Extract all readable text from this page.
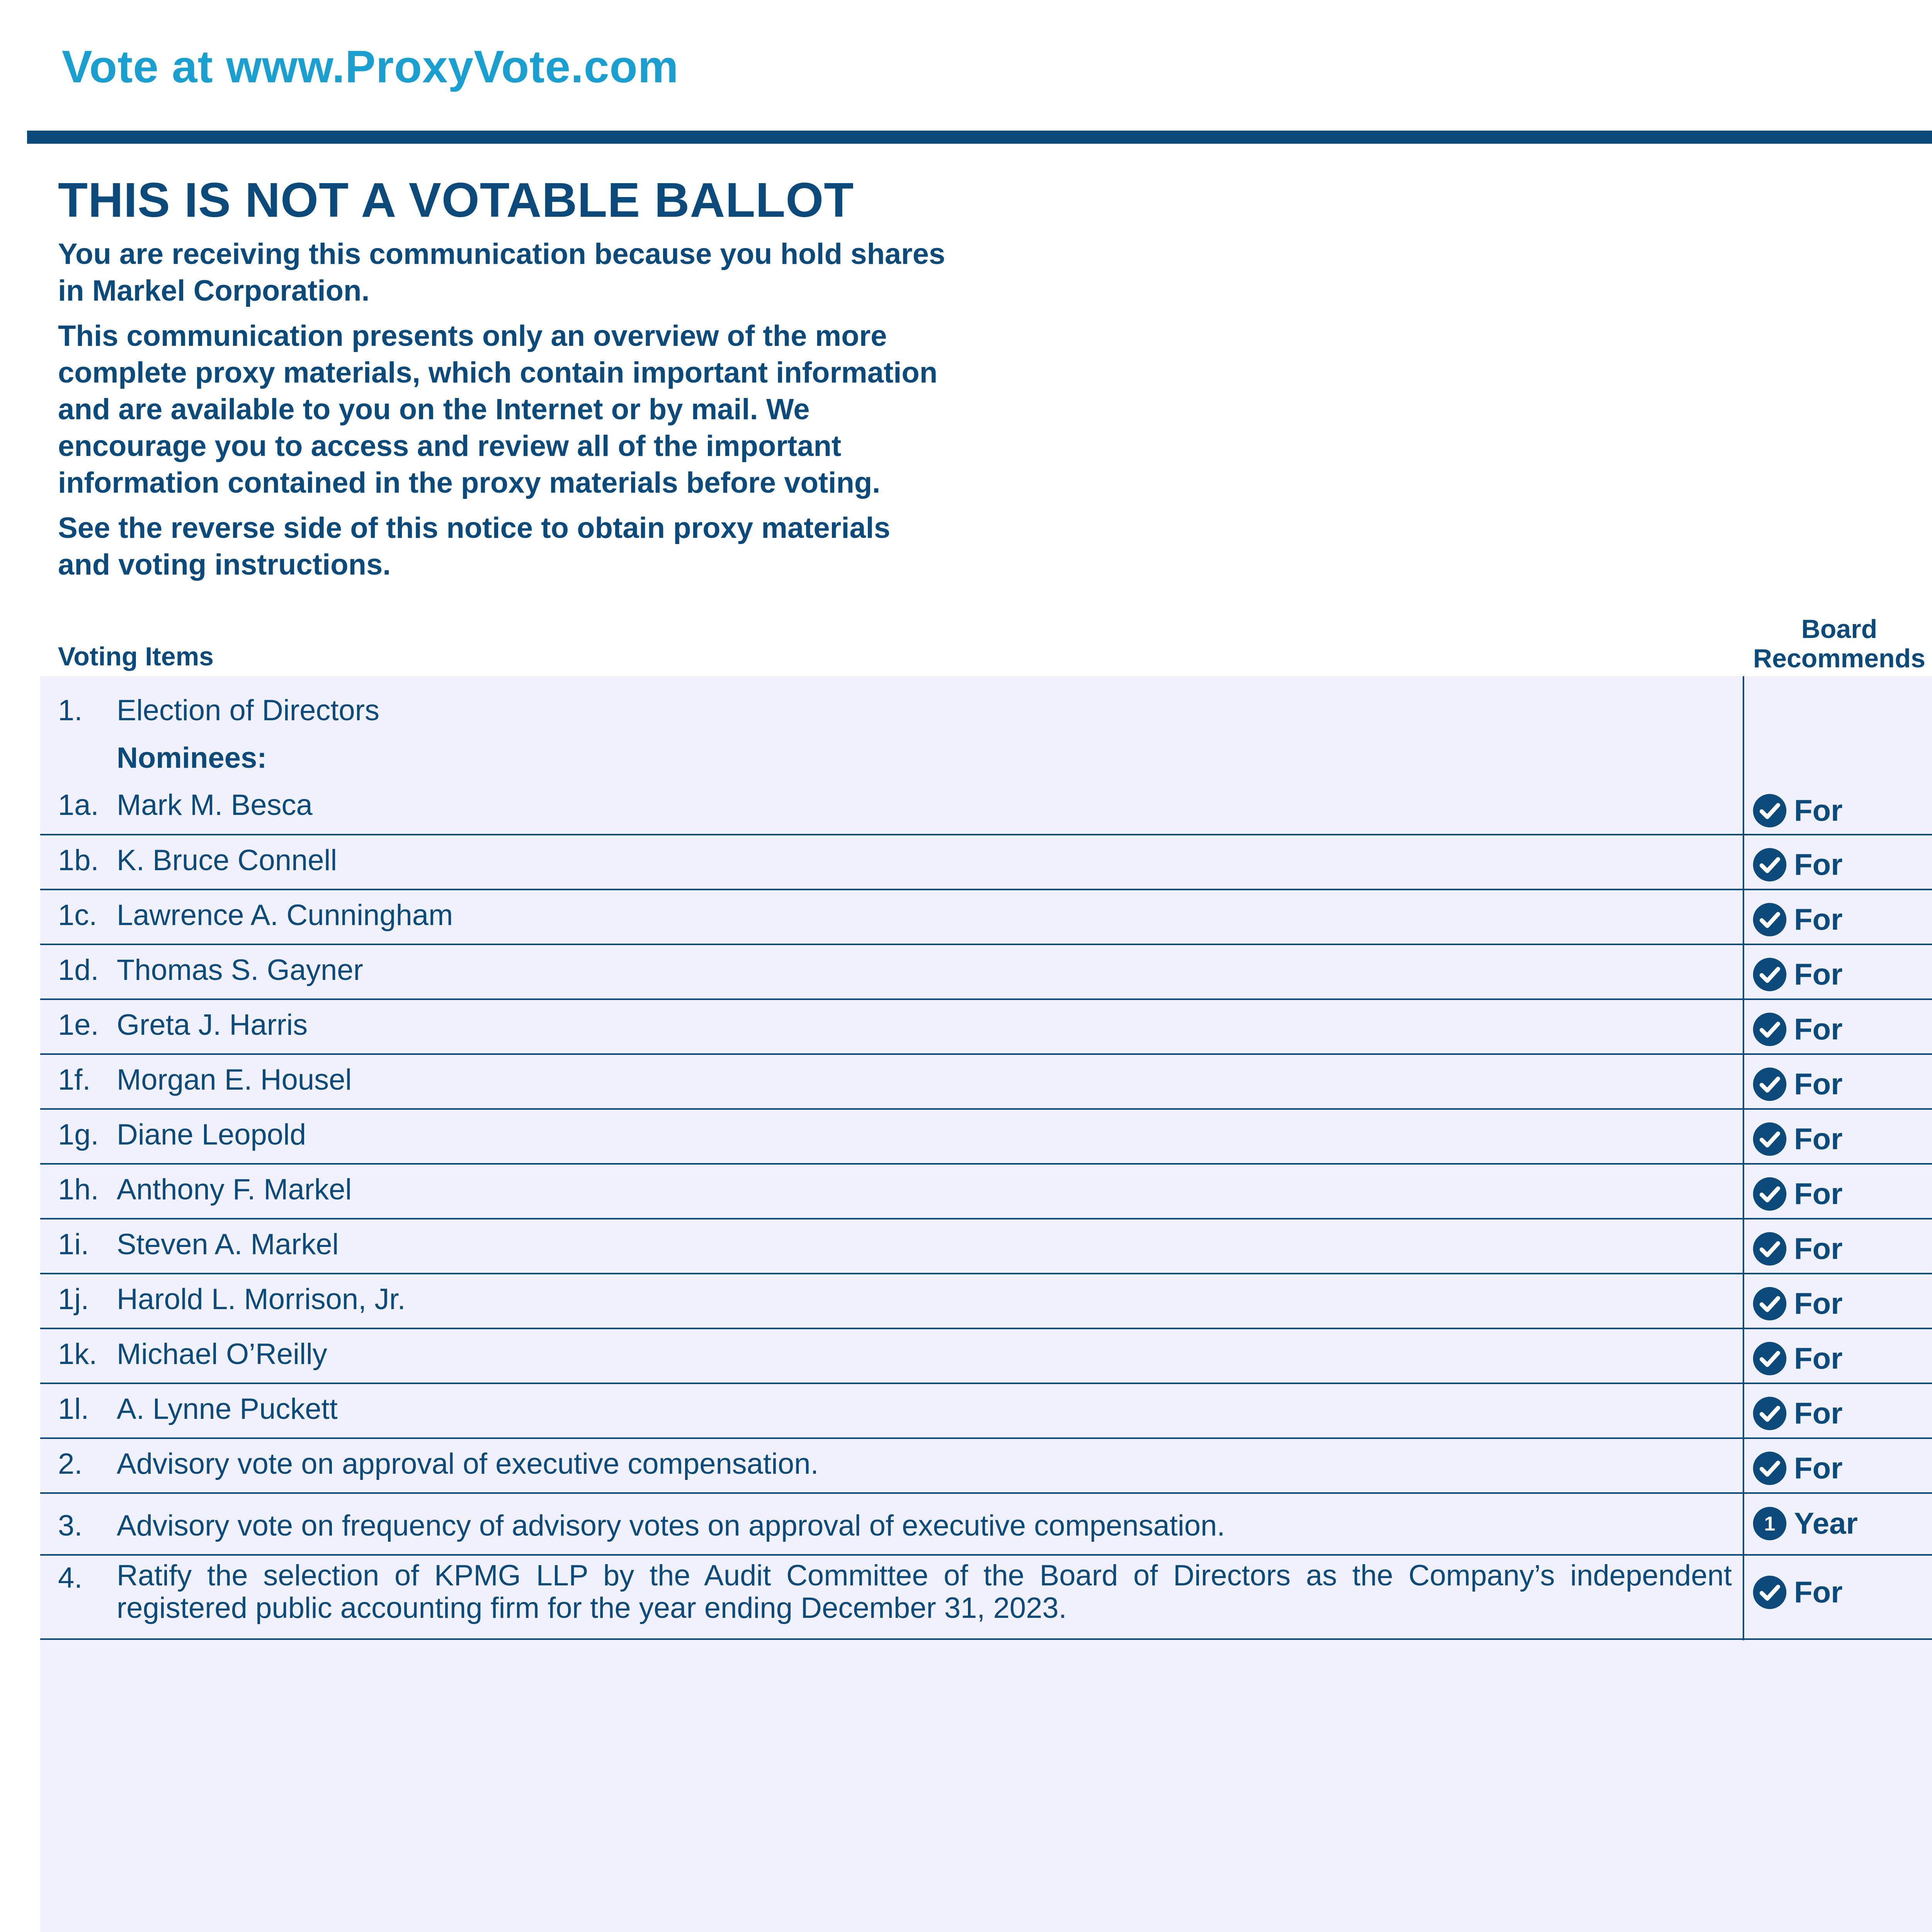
Vote at www.ProxyVote.com
THIS IS NOT A VOTABLE BALLOT

You are receiving this communication because you hold shares in Markel Corporation.

This communication presents only an overview of the more complete proxy materials, which contain important information and are available to you on the Internet or by mail. We encourage you to access and review all of the important information contained in the proxy materials before voting.

See the reverse side of this notice to obtain proxy materials and voting instructions.

Voting Items
Board
Recommends
1. Election of Directors
Nominees:
1a. Mark M. Besca	For
1b. K. Bruce Connell	For
1c. Lawrence A. Cunningham	For
1d. Thomas S. Gayner	For
1e. Greta J. Harris	For
1f. Morgan E. Housel	For
1g. Diane Leopold	For
1h. Anthony F. Markel	For
1i. Steven A. Markel	For
1j. Harold L. Morrison, Jr.	For
1k. Michael O’Reilly	For
1l. A. Lynne Puckett	For
2. Advisory vote on approval of executive compensation.	For
3. Advisory vote on frequency of advisory votes on approval of executive compensation.	1 Year
4. Ratify the selection of KPMG LLP by the Audit Committee of the Board of Directors as the Company’s independent registered public accounting firm for the year ending December 31, 2023.	For
